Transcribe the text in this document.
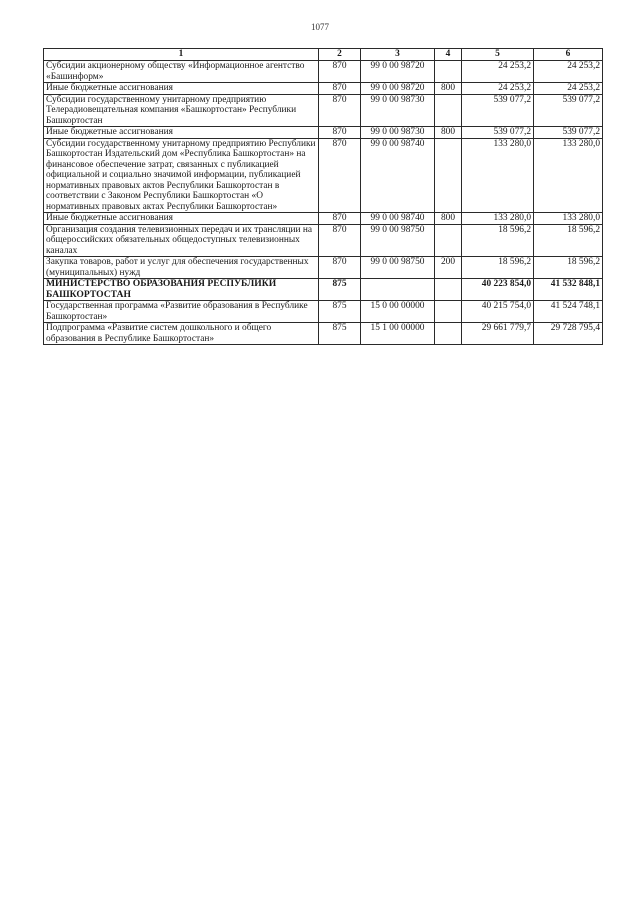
1077
1	2	3	4	5	6
Субсидии акционерному обществу «Информационное агентство «Башинформ»	870	99 0 00 98720		24 253,2	24 253,2
Иные бюджетные ассигнования	870	99 0 00 98720	800	24 253,2	24 253,2
Субсидии государственному унитарному предприятию Телерадиовещательная компания «Башкортостан» Республики Башкортостан	870	99 0 00 98730		539 077,2	539 077,2
Иные бюджетные ассигнования	870	99 0 00 98730	800	539 077,2	539 077,2
Субсидии государственному унитарному предприятию Республики Башкортостан Издательский дом «Республика Башкортостан» на финансовое обеспечение затрат, связанных с публикацией официальной и социально значимой информации, публикацией нормативных правовых актов Республики Башкортостан в соответствии с Законом Республики Башкортостан «О нормативных правовых актах Республики Башкортостан»	870	99 0 00 98740		133 280,0	133 280,0
Иные бюджетные ассигнования	870	99 0 00 98740	800	133 280,0	133 280,0
Организация создания телевизионных передач и их трансляции на общероссийских обязательных общедоступных телевизионных каналах	870	99 0 00 98750		18 596,2	18 596,2
Закупка товаров, работ и услуг для обеспечения государственных (муниципальных) нужд	870	99 0 00 98750	200	18 596,2	18 596,2
МИНИСТЕРСТВО ОБРАЗОВАНИЯ РЕСПУБЛИКИ БАШКОРТОСТАН	875			40 223 854,0	41 532 848,1
Государственная программа «Развитие образования в Республике Башкортостан»	875	15 0 00 00000		40 215 754,0	41 524 748,1
Подпрограмма «Развитие систем дошкольного и общего образования в Республике Башкортостан»	875	15 1 00 00000		29 661 779,7	29 728 795,4
